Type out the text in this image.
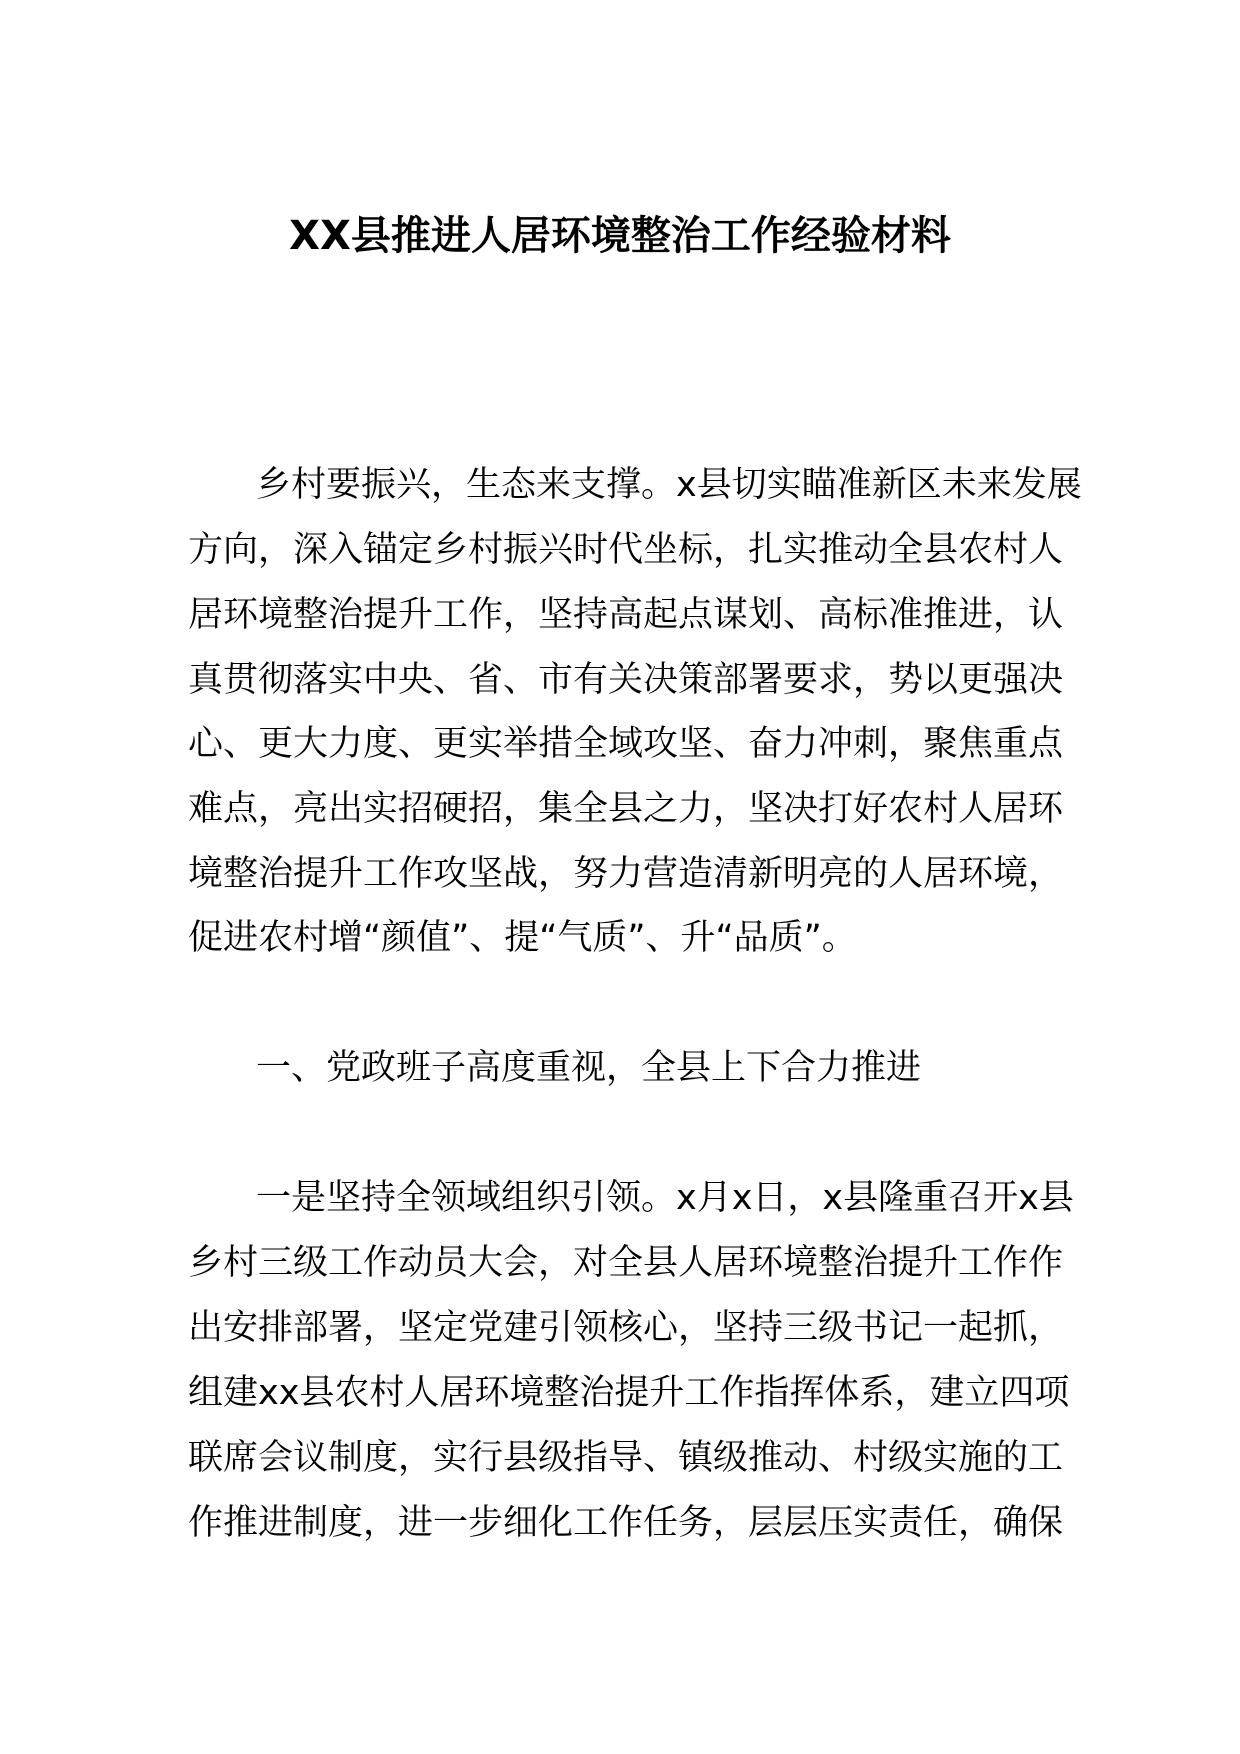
XX县推进人居环境整治工作经验材料
乡村要振兴，生态来支撑。x县切实瞄准新区未来发展
方向，深入锚定乡村振兴时代坐标，扎实推动全县农村人
居环境整治提升工作，坚持高起点谋划、高标准推进，认
真贯彻落实中央、省、市有关决策部署要求，势以更强决
心、更大力度、更实举措全域攻坚、奋力冲刺，聚焦重点
难点，亮出实招硬招，集全县之力，坚决打好农村人居环
境整治提升工作攻坚战，努力营造清新明亮的人居环境，
促进农村增“颜值”、提“气质”、升“品质”。
一、党政班子高度重视，全县上下合力推进
一是坚持全领域组织引领。x月x日，x县隆重召开x县
乡村三级工作动员大会，对全县人居环境整治提升工作作
出安排部署，坚定党建引领核心，坚持三级书记一起抓，
组建xx县农村人居环境整治提升工作指挥体系，建立四项
联席会议制度，实行县级指导、镇级推动、村级实施的工
作推进制度，进一步细化工作任务，层层压实责任，确保
